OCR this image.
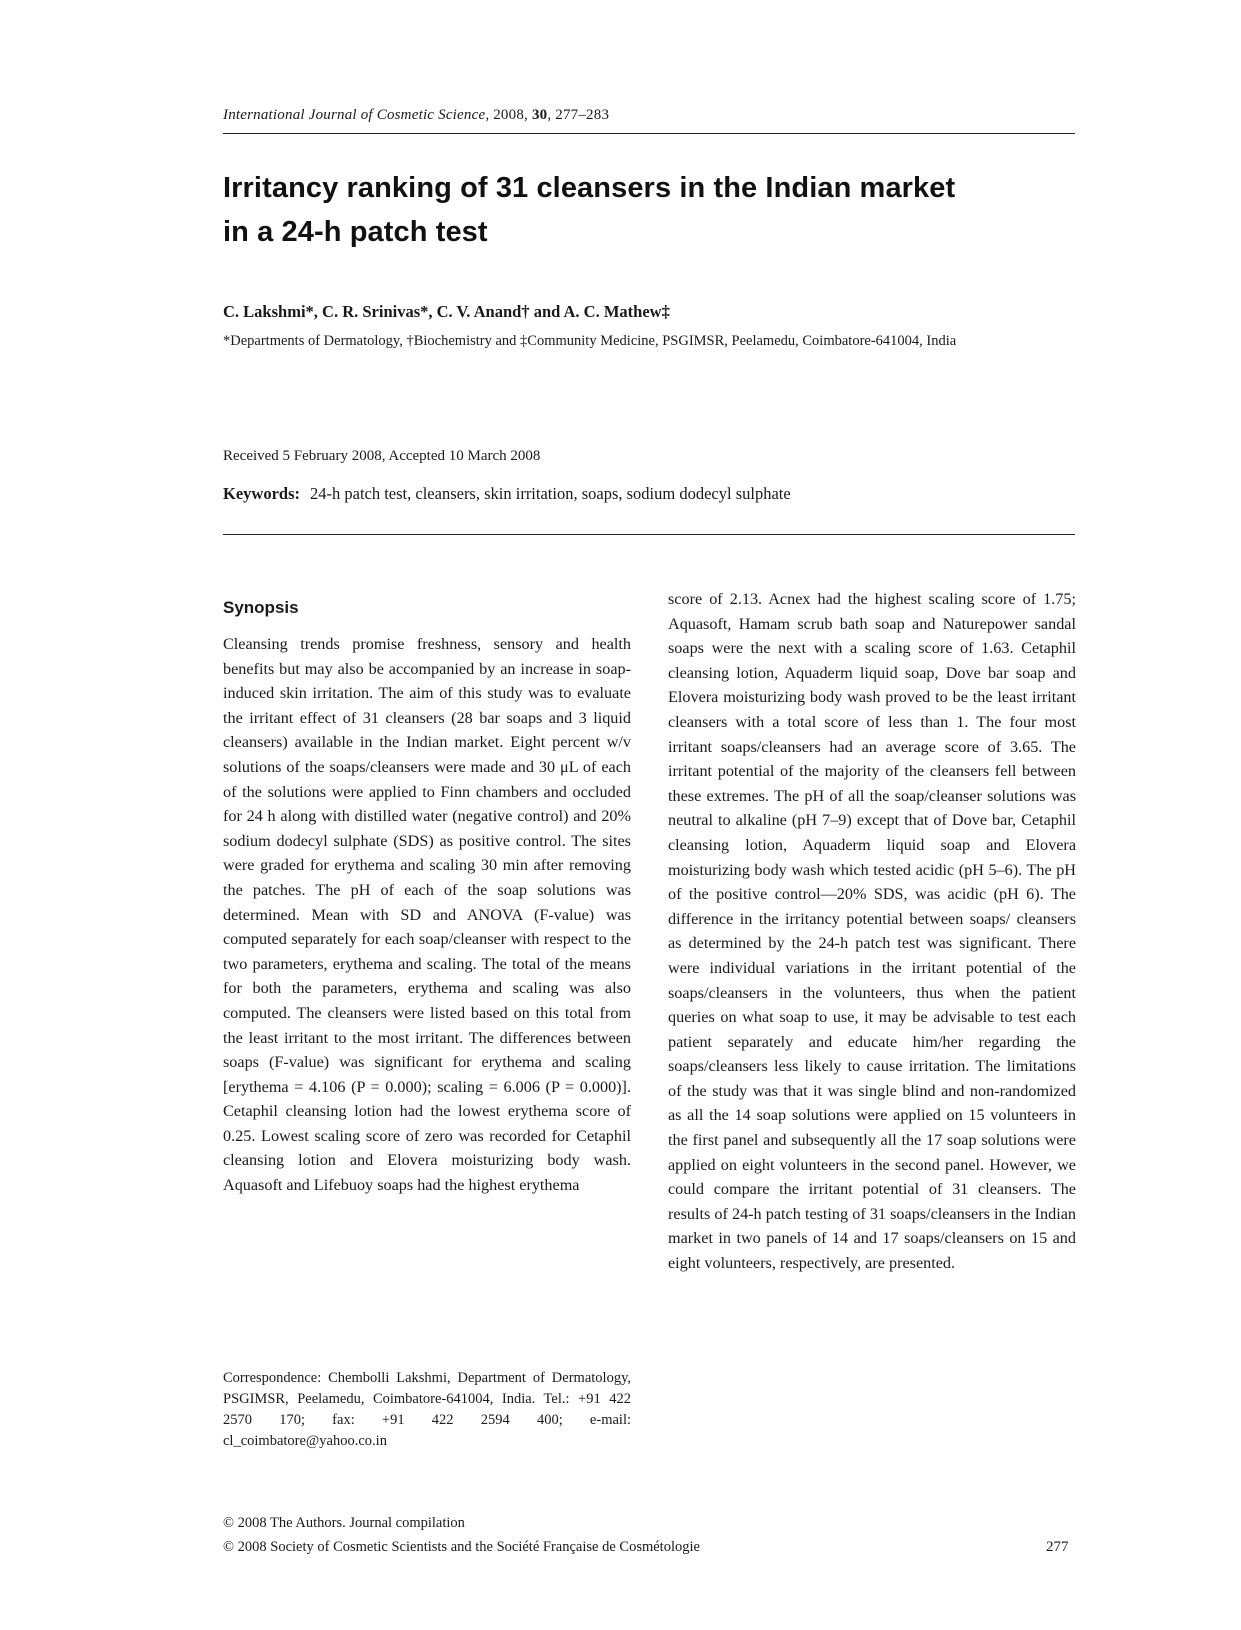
International Journal of Cosmetic Science, 2008, 30, 277–283
Irritancy ranking of 31 cleansers in the Indian market
in a 24-h patch test
C. Lakshmi*, C. R. Srinivas*, C. V. Anand† and A. C. Mathew‡
*Departments of Dermatology, †Biochemistry and ‡Community Medicine, PSGIMSR, Peelamedu, Coimbatore-641004, India
Received 5 February 2008, Accepted 10 March 2008
Keywords: 24-h patch test, cleansers, skin irritation, soaps, sodium dodecyl sulphate
Synopsis
Cleansing trends promise freshness, sensory and health benefits but may also be accompanied by an increase in soap-induced skin irritation. The aim of this study was to evaluate the irritant effect of 31 cleansers (28 bar soaps and 3 liquid cleansers) available in the Indian market. Eight percent w/v solutions of the soaps/cleansers were made and 30 μL of each of the solutions were applied to Finn chambers and occluded for 24 h along with distilled water (negative control) and 20% sodium dodecyl sulphate (SDS) as positive control. The sites were graded for erythema and scaling 30 min after removing the patches. The pH of each of the soap solutions was determined. Mean with SD and ANOVA (F-value) was computed separately for each soap/cleanser with respect to the two parameters, erythema and scaling. The total of the means for both the parameters, erythema and scaling was also computed. The cleansers were listed based on this total from the least irritant to the most irritant. The differences between soaps (F-value) was significant for erythema and scaling [erythema = 4.106 (P = 0.000); scaling = 6.006 (P = 0.000)]. Cetaphil cleansing lotion had the lowest erythema score of 0.25. Lowest scaling score of zero was recorded for Cetaphil cleansing lotion and Elovera moisturizing body wash. Aquasoft and Lifebuoy soaps had the highest erythema
score of 2.13. Acnex had the highest scaling score of 1.75; Aquasoft, Hamam scrub bath soap and Naturepower sandal soaps were the next with a scaling score of 1.63. Cetaphil cleansing lotion, Aquaderm liquid soap, Dove bar soap and Elovera moisturizing body wash proved to be the least irritant cleansers with a total score of less than 1. The four most irritant soaps/cleansers had an average score of 3.65. The irritant potential of the majority of the cleansers fell between these extremes. The pH of all the soap/cleanser solutions was neutral to alkaline (pH 7–9) except that of Dove bar, Cetaphil cleansing lotion, Aquaderm liquid soap and Elovera moisturizing body wash which tested acidic (pH 5–6). The pH of the positive control—20% SDS, was acidic (pH 6). The difference in the irritancy potential between soaps/ cleansers as determined by the 24-h patch test was significant. There were individual variations in the irritant potential of the soaps/cleansers in the volunteers, thus when the patient queries on what soap to use, it may be advisable to test each patient separately and educate him/her regarding the soaps/cleansers less likely to cause irritation. The limitations of the study was that it was single blind and non-randomized as all the 14 soap solutions were applied on 15 volunteers in the first panel and subsequently all the 17 soap solutions were applied on eight volunteers in the second panel. However, we could compare the irritant potential of 31 cleansers. The results of 24-h patch testing of 31 soaps/cleansers in the Indian market in two panels of 14 and 17 soaps/cleansers on 15 and eight volunteers, respectively, are presented.
Correspondence: Chembolli Lakshmi, Department of Dermatology, PSGIMSR, Peelamedu, Coimbatore-641004, India. Tel.: +91 422 2570 170; fax: +91 422 2594 400; e-mail: cl_coimbatore@yahoo.co.in
© 2008 The Authors. Journal compilation
© 2008 Society of Cosmetic Scientists and the Société Française de Cosmétologie	277
